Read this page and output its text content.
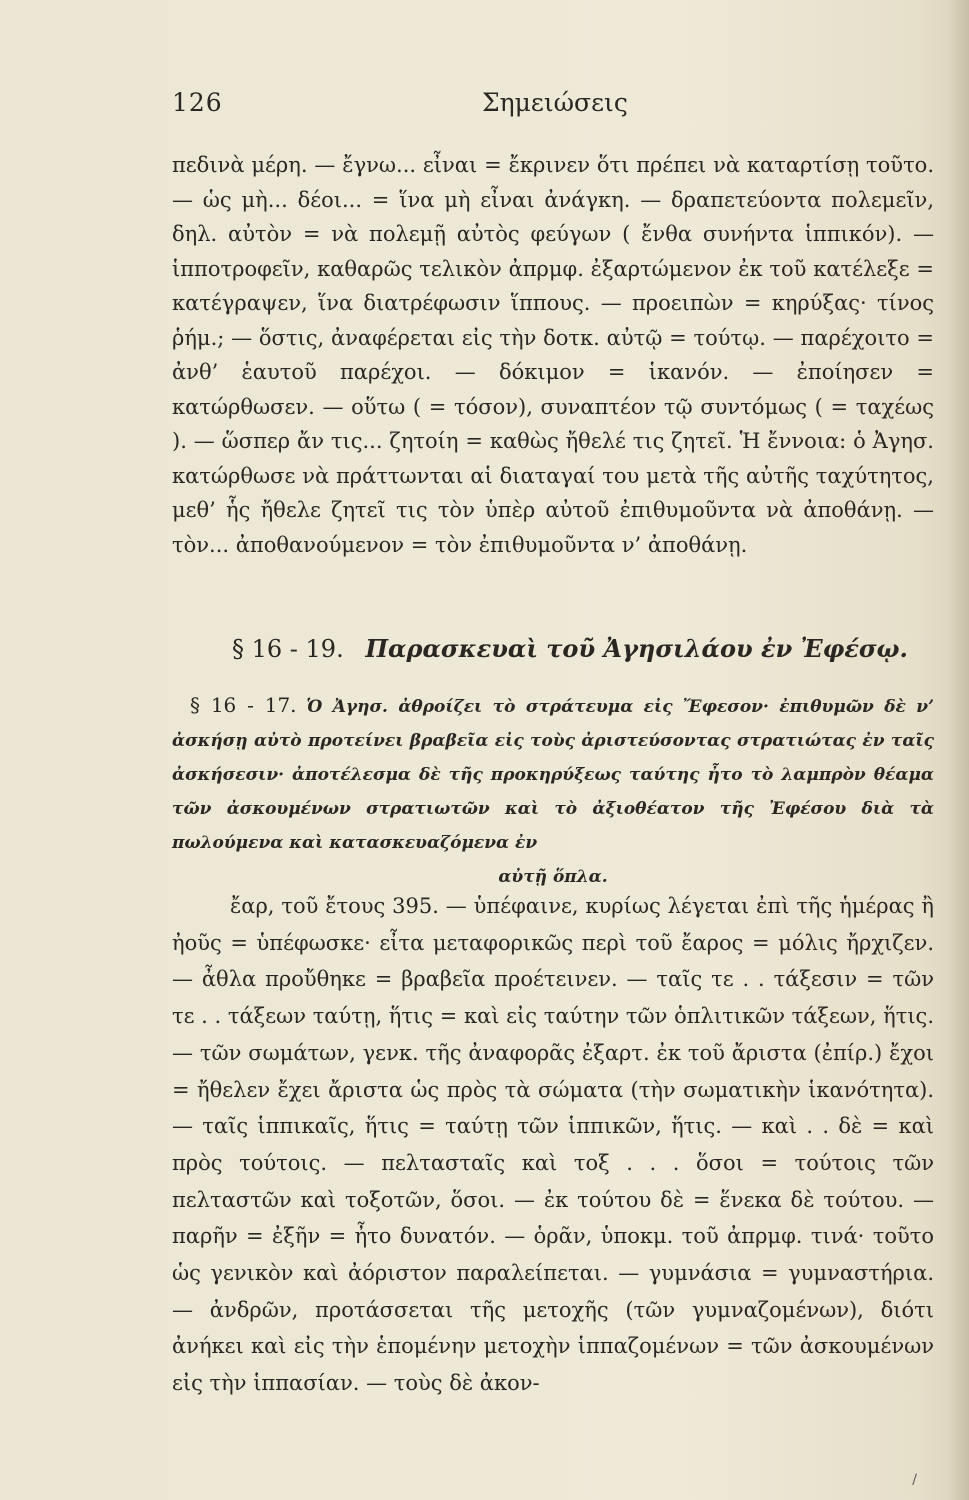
126	Σημειώσεις

πεδινὰ μέρη. — ἔγνω... εἶναι = ἔκρινεν ὅτι πρέπει νὰ καταρτίσῃ τοῦτο. — ὡς μὴ... δέοι... = ἵνα μὴ εἶναι ἀνάγκη. — δραπετεύοντα πολεμεῖν, δηλ. αὐτὸν = νὰ πολεμῇ αὐτὸς φεύγων ( ἔνθα συνήντα ἱππικόν). — ἱπποτροφεῖν, καθαρῶς τελικὸν ἀπρμφ. ἐξαρτώμενον ἐκ τοῦ κατέλεξε = κατέγραψεν, ἵνα διατρέφωσιν ἵππους. — προειπὼν = κηρύξας· τίνος ῥήμ.; — ὅστις, ἀναφέρεται εἰς τὴν δοτκ. αὐτῷ = τούτῳ. — παρέχοιτο = ἀνθ’ ἑαυτοῦ παρέχοι. — δόκιμον = ἱκανόν. — ἐποίησεν = κατώρθωσεν. — οὕτω ( = τόσον), συναπτέον τῷ συντόμως ( = ταχέως ). — ὥσπερ ἄν τις... ζητοίη = καθὼς ἤθελέ τις ζητεῖ. Ἡ ἔννοια: ὁ Ἀγησ. κατώρθωσε νὰ πράττωνται αἱ διαταγαί του μετὰ τῆς αὐτῆς ταχύτητος, μεθ’ ἧς ἤθελε ζητεῖ τις τὸν ὑπὲρ αὐτοῦ ἐπιθυμοῦντα νὰ ἀποθάνῃ. — τὸν... ἀποθανούμενον = τὸν ἐπιθυμοῦντα ν’ ἀποθάνῃ.

§ 16 - 19. Παρασκευαὶ τοῦ Ἀγησιλάου ἐν Ἐφέσῳ.

§ 16 - 17. Ὁ Ἀγησ. ἀθροίζει τὸ στράτευμα εἰς Ἔφεσον· ἐπιθυμῶν δὲ ν’ ἀσκήσῃ αὐτὸ προτείνει βραβεῖα εἰς τοὺς ἀριστεύσοντας στρατιώτας ἐν ταῖς ἀσκήσεσιν· ἀποτέλεσμα δὲ τῆς προκηρύξεως ταύτης ἦτο τὸ λαμπρὸν θέαμα τῶν ἀσκουμένων στρατιωτῶν καὶ τὸ ἀξιοθέατον τῆς Ἐφέσου διὰ τὰ πωλούμενα καὶ κατασκευαζόμενα ἐν

αὐτῇ ὅπλα.

ἔαρ, τοῦ ἔτους 395. — ὑπέφαινε, κυρίως λέγεται ἐπὶ τῆς ἡμέρας ἢ ἠοῦς = ὑπέφωσκε· εἶτα μεταφορικῶς περὶ τοῦ ἔαρος = μόλις ἤρχιζεν. — ἆθλα προὔθηκε = βραβεῖα προέτεινεν. — ταῖς τε . . τάξεσιν = τῶν τε . . τάξεων ταύτῃ, ἥτις = καὶ εἰς ταύτην τῶν ὁπλιτικῶν τάξεων, ἥτις. — τῶν σωμάτων, γενκ. τῆς ἀναφορᾶς ἐξαρτ. ἐκ τοῦ ἄριστα (ἐπίρ.) ἔχοι = ἤθελεν ἔχει ἄριστα ὡς πρὸς τὰ σώματα (τὴν σωματικὴν ἱκανότητα). — ταῖς ἱππικαῖς, ἥτις = ταύτῃ τῶν ἱππικῶν, ἥτις. — καὶ . . δὲ = καὶ πρὸς τούτοις. — πελτασταῖς καὶ τοξ . . . ὅσοι = τούτοις τῶν πελταστῶν καὶ τοξοτῶν, ὅσοι. — ἐκ τούτου δὲ = ἕνεκα δὲ τούτου. — παρῆν = ἐξῆν = ἦτο δυνατόν. — ὁρᾶν, ὑποκμ. τοῦ ἀπρμφ. τινά· τοῦτο ὡς γενικὸν καὶ ἀόριστον παραλείπεται. — γυμνάσια = γυμναστήρια. — ἀνδρῶν, προτάσσεται τῆς μετοχῆς (τῶν γυμναζομένων), διότι ἀνήκει καὶ εἰς τὴν ἑπομένην μετοχὴν ἱππαζομένων = τῶν ἀσκουμένων εἰς τὴν ἱππασίαν. — τοὺς δὲ ἀκον-

/
